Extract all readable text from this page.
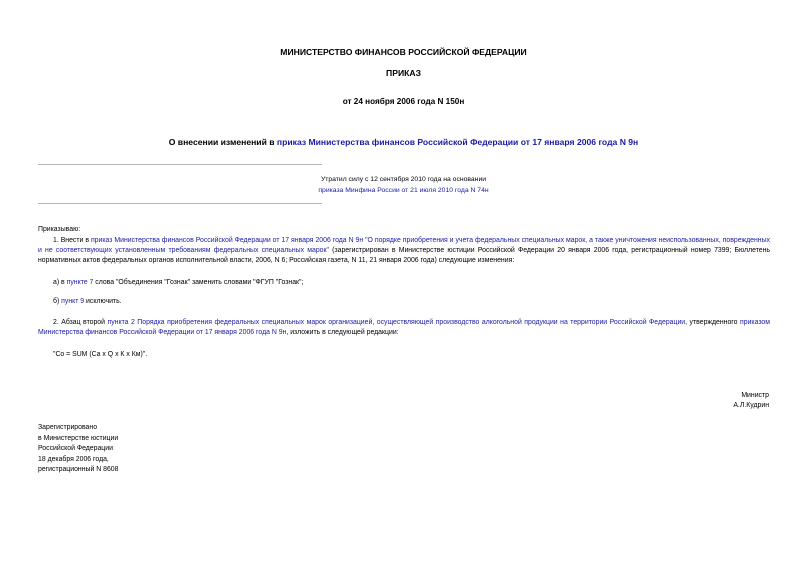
МИНИСТЕРСТВО ФИНАНСОВ РОССИЙСКОЙ ФЕДЕРАЦИИ
ПРИКАЗ
от 24 ноября 2006 года N 150н
О внесении изменений в приказ Министерства финансов Российской Федерации от 17 января 2006 года N 9н
Утратил силу с 12 сентября 2010 года на основании
приказа Минфина России от 21 июля 2010 года N 74н
Приказываю:
1. Внести в приказ Министерства финансов Российской Федерации от 17 января 2006 года N 9н "О порядке приобретения и учета федеральных специальных марок, а также уничтожения неиспользованных, поврежденных и не соответствующих установленным требованиям федеральных специальных марок" (зарегистрирован в Министерстве юстиции Российской Федерации 20 января 2006 года, регистрационный номер 7399; Бюллетень нормативных актов федеральных органов исполнительной власти, 2006, N 6; Российская газета, N 11, 21 января 2006 года) следующие изменения:
а) в пункте 7 слова "Объединения "Гознак" заменить словами "ФГУП "Гознак";
б) пункт 9 исключить.
2. Абзац второй пункта 2 Порядка приобретения федеральных специальных марок организацией, осуществляющей производство алкогольной продукции на территории Российской Федерации, утвержденного приказом Министерства финансов Российской Федерации от 17 января 2006 года N 9н, изложить в следующей редакции:
"Со = SUM (Са x Q x К x Км)".
Министр
А.Л.Кудрин
Зарегистрировано
в Министерстве юстиции
Российской Федерации
18 декабря 2006 года,
регистрационный N 8608
